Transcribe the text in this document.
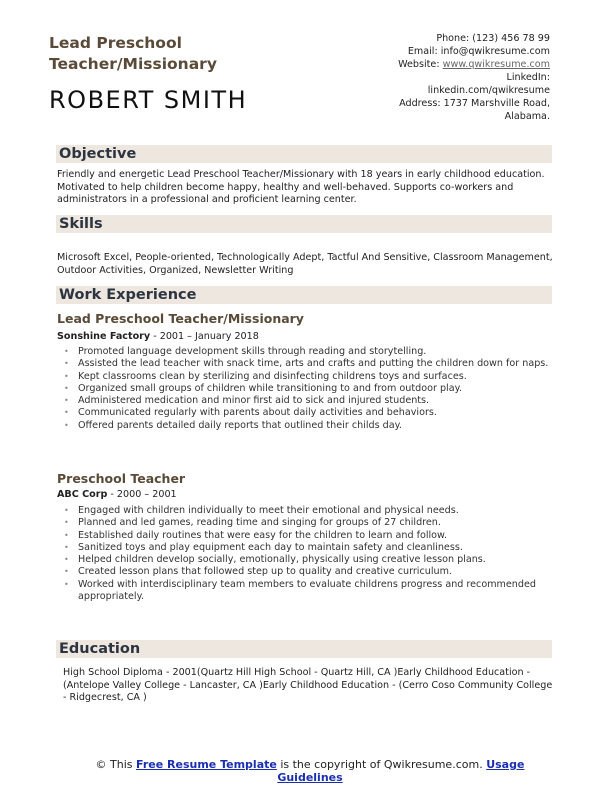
Lead Preschool
Teacher/Missionary
ROBERT SMITH
Phone: (123) 456 78 99
Email: info@qwikresume.com
Website: www.qwikresume.com
LinkedIn:
linkedin.com/qwikresume
Address: 1737 Marshville Road,
Alabama.
Objective
Friendly and energetic Lead Preschool Teacher/Missionary with 18 years in early childhood education. Motivated to help children become happy, healthy and well-behaved. Supports co-workers and administrators in a professional and proficient learning center.
Skills
Microsoft Excel, People-oriented, Technologically Adept, Tactful And Sensitive, Classroom Management, Outdoor Activities, Organized, Newsletter Writing
Work Experience
Lead Preschool Teacher/Missionary
Sonshine Factory - 2001 – January 2018
• Promoted language development skills through reading and storytelling.
• Assisted the lead teacher with snack time, arts and crafts and putting the children down for naps.
• Kept classrooms clean by sterilizing and disinfecting childrens toys and surfaces.
• Organized small groups of children while transitioning to and from outdoor play.
• Administered medication and minor first aid to sick and injured students.
• Communicated regularly with parents about daily activities and behaviors.
• Offered parents detailed daily reports that outlined their childs day.
Preschool Teacher
ABC Corp - 2000 – 2001
• Engaged with children individually to meet their emotional and physical needs.
• Planned and led games, reading time and singing for groups of 27 children.
• Established daily routines that were easy for the children to learn and follow.
• Sanitized toys and play equipment each day to maintain safety and cleanliness.
• Helped children develop socially, emotionally, physically using creative lesson plans.
• Created lesson plans that followed step up to quality and creative curriculum.
• Worked with interdisciplinary team members to evaluate childrens progress and recommended appropriately.
Education
High School Diploma - 2001(Quartz Hill High School - Quartz Hill, CA )Early Childhood Education - (Antelope Valley College - Lancaster, CA )Early Childhood Education - (Cerro Coso Community College - Ridgecrest, CA )
© This Free Resume Template is the copyright of Qwikresume.com. Usage Guidelines
